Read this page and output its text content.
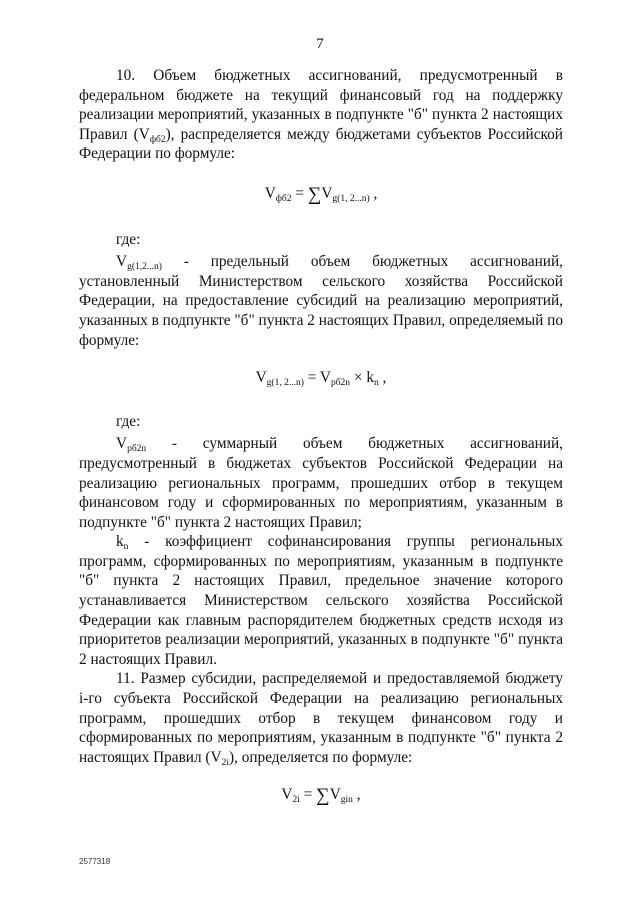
7

10. Объем бюджетных ассигнований, предусмотренный в федеральном бюджете на текущий финансовый год на поддержку реализации мероприятий, указанных в подпункте "б" пункта 2 настоящих Правил $(V_{фб2})$, распределяется между бюджетами субъектов Российской Федерации по формуле:

$V_{фб2} = \sum V_{g(1, 2...n)}$ ,

где:

$V_{g(1,2...n)}$ - предельный объем бюджетных ассигнований, установленный Министерством сельского хозяйства Российской Федерации, на предоставление субсидий на реализацию мероприятий, указанных в подпункте "б" пункта 2 настоящих Правил, определяемый по формуле:

$V_{g(1, 2...n)} = V_{рб2n} \times k_n$ ,

где:

$V_{рб2n}$ - суммарный объем бюджетных ассигнований, предусмотренный в бюджетах субъектов Российской Федерации на реализацию региональных программ, прошедших отбор в текущем финансовом году и сформированных по мероприятиям, указанным в подпункте "б" пункта 2 настоящих Правил;

$k_n$ - коэффициент софинансирования группы региональных программ, сформированных по мероприятиям, указанным в подпункте "б" пункта 2 настоящих Правил, предельное значение которого устанавливается Министерством сельского хозяйства Российской Федерации как главным распорядителем бюджетных средств исходя из приоритетов реализации мероприятий, указанных в подпункте "б" пункта 2 настоящих Правил.

11. Размер субсидии, распределяемой и предоставляемой бюджету i-го субъекта Российской Федерации на реализацию региональных программ, прошедших отбор в текущем финансовом году и сформированных по мероприятиям, указанным в подпункте "б" пункта 2 настоящих Правил $(V_{2i})$, определяется по формуле:

$V_{2i} = \sum V_{gin}$ ,

2577318
